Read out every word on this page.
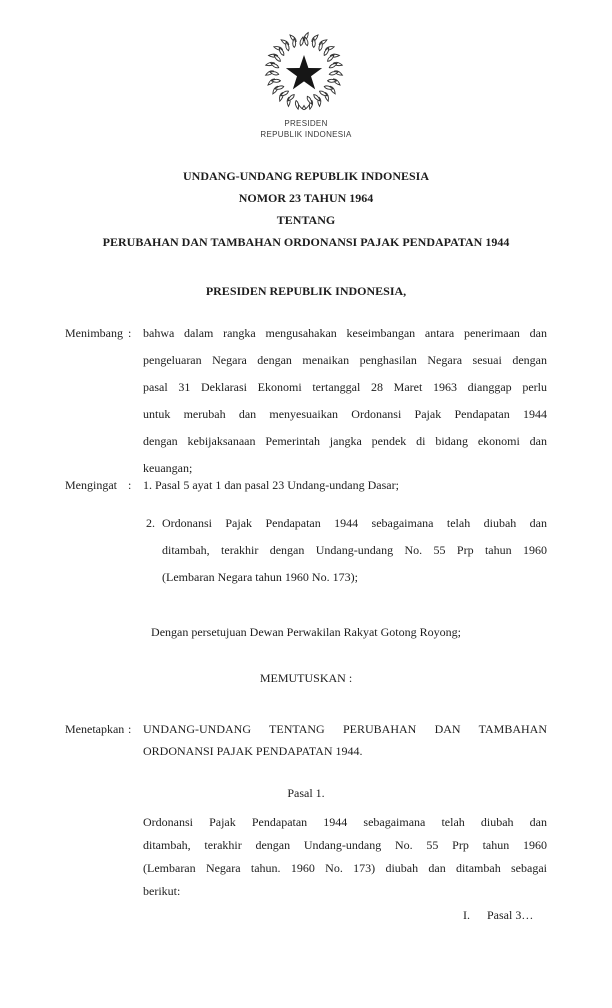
PRESIDEN
REPUBLIK INDONESIA
UNDANG-UNDANG REPUBLIK INDONESIA
NOMOR 23 TAHUN 1964
TENTANG
PERUBAHAN DAN TAMBAHAN ORDONANSI PAJAK PENDAPATAN 1944
PRESIDEN REPUBLIK INDONESIA,
Menimbang : bahwa dalam rangka mengusahakan keseimbangan antara penerimaan dan
pengeluaran Negara dengan menaikan penghasilan Negara sesuai dengan
pasal 31 Deklarasi Ekonomi tertanggal 28 Maret 1963 dianggap perlu
untuk merubah dan menyesuaikan Ordonansi Pajak Pendapatan 1944
dengan kebijaksanaan Pemerintah jangka pendek di bidang ekonomi dan
keuangan;
Mengingat : 1. Pasal 5 ayat 1 dan pasal 23 Undang-undang Dasar;
2. Ordonansi Pajak Pendapatan 1944 sebagaimana telah diubah dan
ditambah, terakhir dengan Undang-undang No. 55 Prp tahun 1960
(Lembaran Negara tahun 1960 No. 173);
Dengan persetujuan Dewan Perwakilan Rakyat Gotong Royong;
MEMUTUSKAN :
Menetapkan : UNDANG-UNDANG TENTANG PERUBAHAN DAN TAMBAHAN
ORDONANSI PAJAK PENDAPATAN 1944.
Pasal 1.
Ordonansi Pajak Pendapatan 1944 sebagaimana telah diubah dan
ditambah, terakhir dengan Undang-undang No. 55 Prp tahun 1960
(Lembaran Negara tahun. 1960 No. 173) diubah dan ditambah sebagai
berikut:
I. Pasal 3…
